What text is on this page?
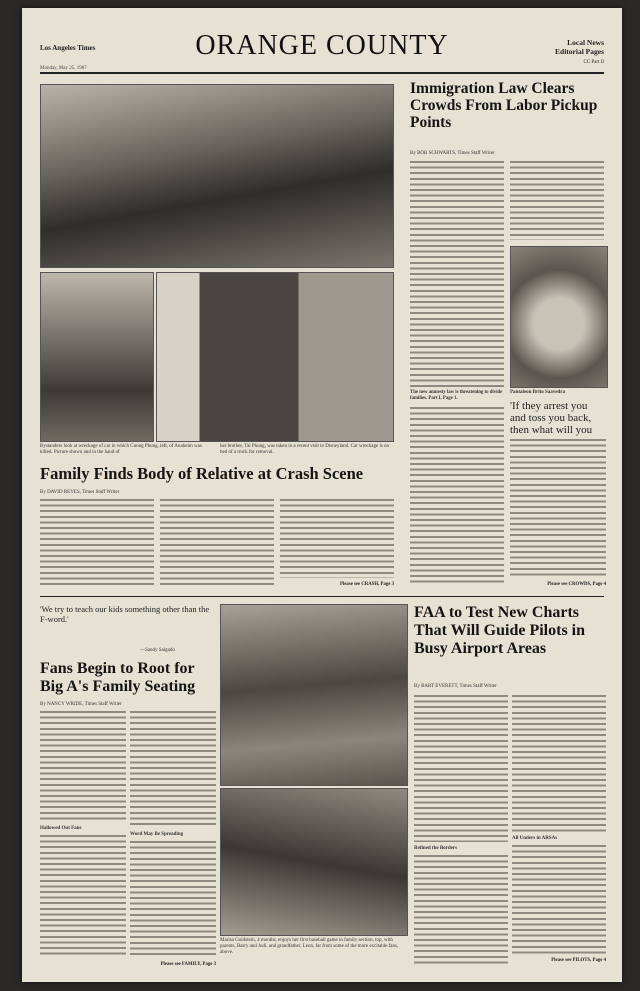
Los Angeles Times
Monday, May 25, 1987
ORANGE COUNTY	Local News
Editorial Pages
CC Part II
Bystanders look at wreckage of car in which Cuong Phung, left, of Anaheim was killed. Picture shown and in the hand of
her brother, Tai Phung, was taken in a recent visit to Disneyland. Car wreckage is on bed of a truck for removal.
Family Finds Body of Relative at Crash Scene
By DAVID REYES, Times Staff Writer
Please see CRASH, Page 3
Immigration Law Clears Crowds From Labor Pickup Points
By BOB SCHWARTS, Times Staff Writer
Pantaleon Brito Saavedra
'If they arrest you and toss you back, then what will you
The new amnesty law is threatening to divide families. Part I, Page 1.
Please see CROWDS, Page 4
'We try to teach our kids something other than the F-word.'
—Sandy Salgado
Fans Begin to Root for Big A's Family Seating
By NANCY WRIDE, Times Staff Writer
Hallowed Out Fans
Word May Be Spreading
Marisa Goldstein, 4 months, enjoys her first baseball game in family section, top, with parents, Barry and Judi, and grandfather, Leon, far from some of the more excitable fans, above.
Please see FAMILY, Page 3
FAA to Test New Charts That Will Guide Pilots in Busy Airport Areas
By BART EVERETT, Times Staff Writer
Refined the Borders
All Unders in ARSAs
Please see PILOTS, Page 4
